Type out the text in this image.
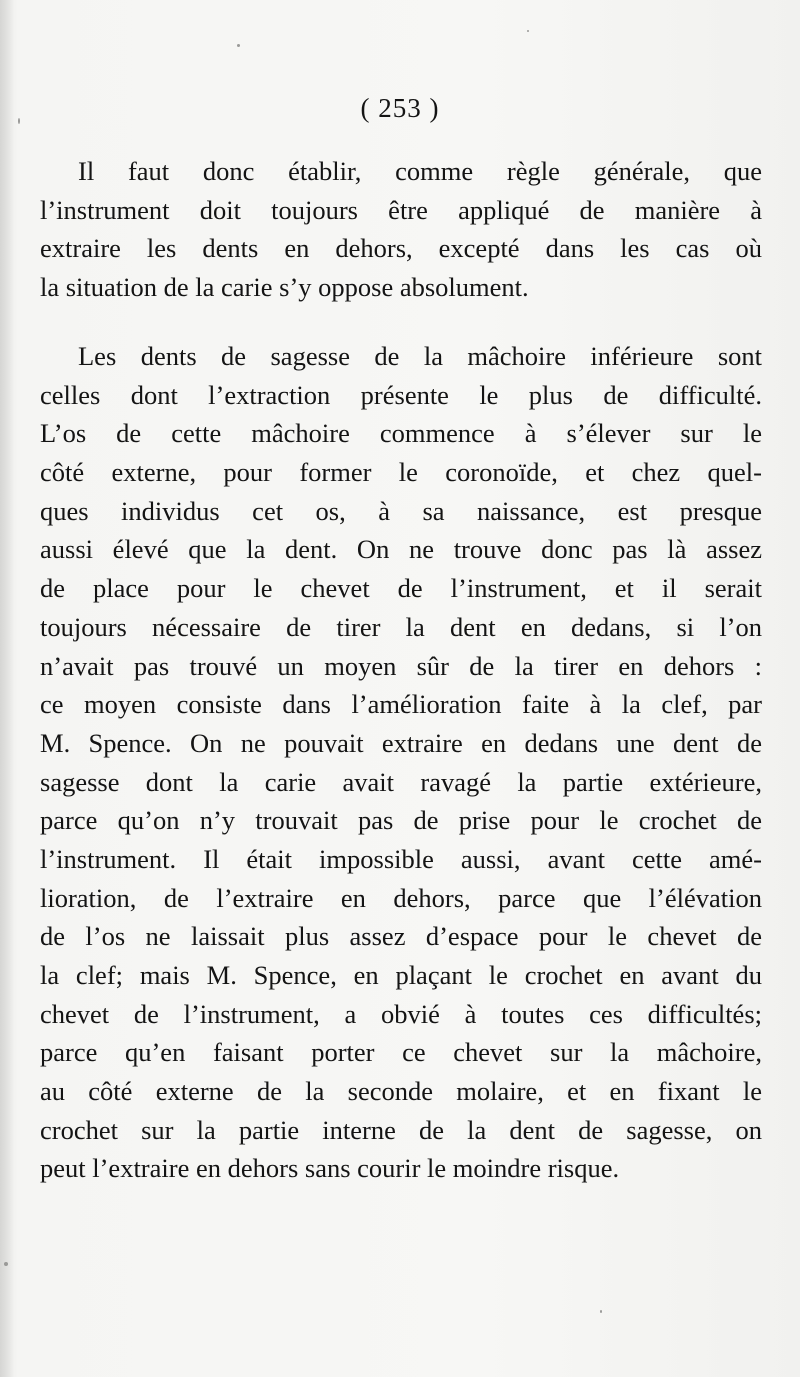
( 253 )
Il faut donc établir, comme règle générale, que
l’instrument doit toujours être appliqué de manière à
extraire les dents en dehors, excepté dans les cas où
la situation de la carie s’y oppose absolument.
Les dents de sagesse de la mâchoire inférieure sont
celles dont l’extraction présente le plus de difficulté.
L’os de cette mâchoire commence à s’élever sur le
côté externe, pour former le coronoïde, et chez quel-
ques individus cet os, à sa naissance, est presque
aussi élevé que la dent. On ne trouve donc pas là assez
de place pour le chevet de l’instrument, et il serait
toujours nécessaire de tirer la dent en dedans, si l’on
n’avait pas trouvé un moyen sûr de la tirer en dehors :
ce moyen consiste dans l’amélioration faite à la clef, par
M. Spence. On ne pouvait extraire en dedans une dent de
sagesse dont la carie avait ravagé la partie extérieure,
parce qu’on n’y trouvait pas de prise pour le crochet de
l’instrument. Il était impossible aussi, avant cette amé-
lioration, de l’extraire en dehors, parce que l’élévation
de l’os ne laissait plus assez d’espace pour le chevet de
la clef; mais M. Spence, en plaçant le crochet en avant du
chevet de l’instrument, a obvié à toutes ces difficultés;
parce qu’en faisant porter ce chevet sur la mâchoire,
au côté externe de la seconde molaire, et en fixant le
crochet sur la partie interne de la dent de sagesse, on
peut l’extraire en dehors sans courir le moindre risque.
